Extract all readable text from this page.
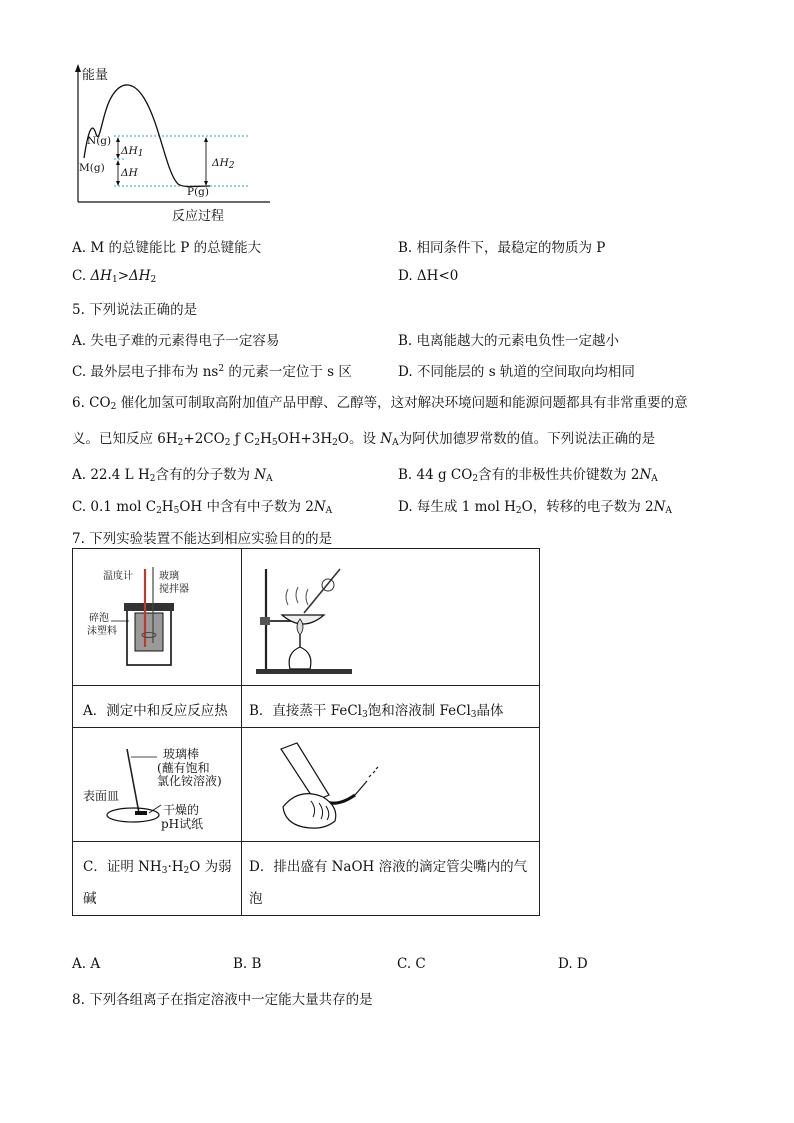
能量
N(g)
M(g)
P(g)
$\Delta H_1$
ΔH
$\Delta H_2$
反应过程
A. M 的总键能比 P 的总键能大	B. 相同条件下，最稳定的物质为 P
C. $\Delta H_1>\Delta H_2$	D. ΔH<0
5. 下列说法正确的是
A. 失电子难的元素得电子一定容易	B. 电离能越大的元素电负性一定越小
C. 最外层电子排布为 $ns^2$ 的元素一定位于 s 区	D. 不同能层的 s 轨道的空间取向均相同
6. $CO_2$ 催化加氢可制取高附加值产品甲醇、乙醇等，这对解决环境问题和能源问题都具有非常重要的意
义。已知反应 $6H_2+2CO_2$ ƒ $C_2H_5OH+3H_2O$。设 $N_A$为阿伏加德罗常数的值。下列说法正确的是
A. 22.4 L $H_2$含有的分子数为 $N_A$	B. 44 g $CO_2$含有的非极性共价键数为 $2N_A$
C. 0.1 mol $C_2H_5OH$ 中含有中子数为 $2N_A$	D. 每生成 1 mol $H_2O$，转移的电子数为 $2N_A$
7. 下列实验装置不能达到相应实验目的的是
温度计	玻璃
搅拌器
碎泡
沫塑料
A．测定中和反应反应热 B．直接蒸干 FeCl$_3$饱和溶液制 FeCl$_3$晶体
玻璃棒
(蘸有饱和
氯化铵溶液)
表面皿
干燥的
pH试纸
C．证明 $NH_3\cdot H_2O$ 为弱
碱
D．排出盛有 NaOH 溶液的滴定管尖嘴内的气
泡
A. A	B. B	C. C	D. D
8. 下列各组离子在指定溶液中一定能大量共存的是
